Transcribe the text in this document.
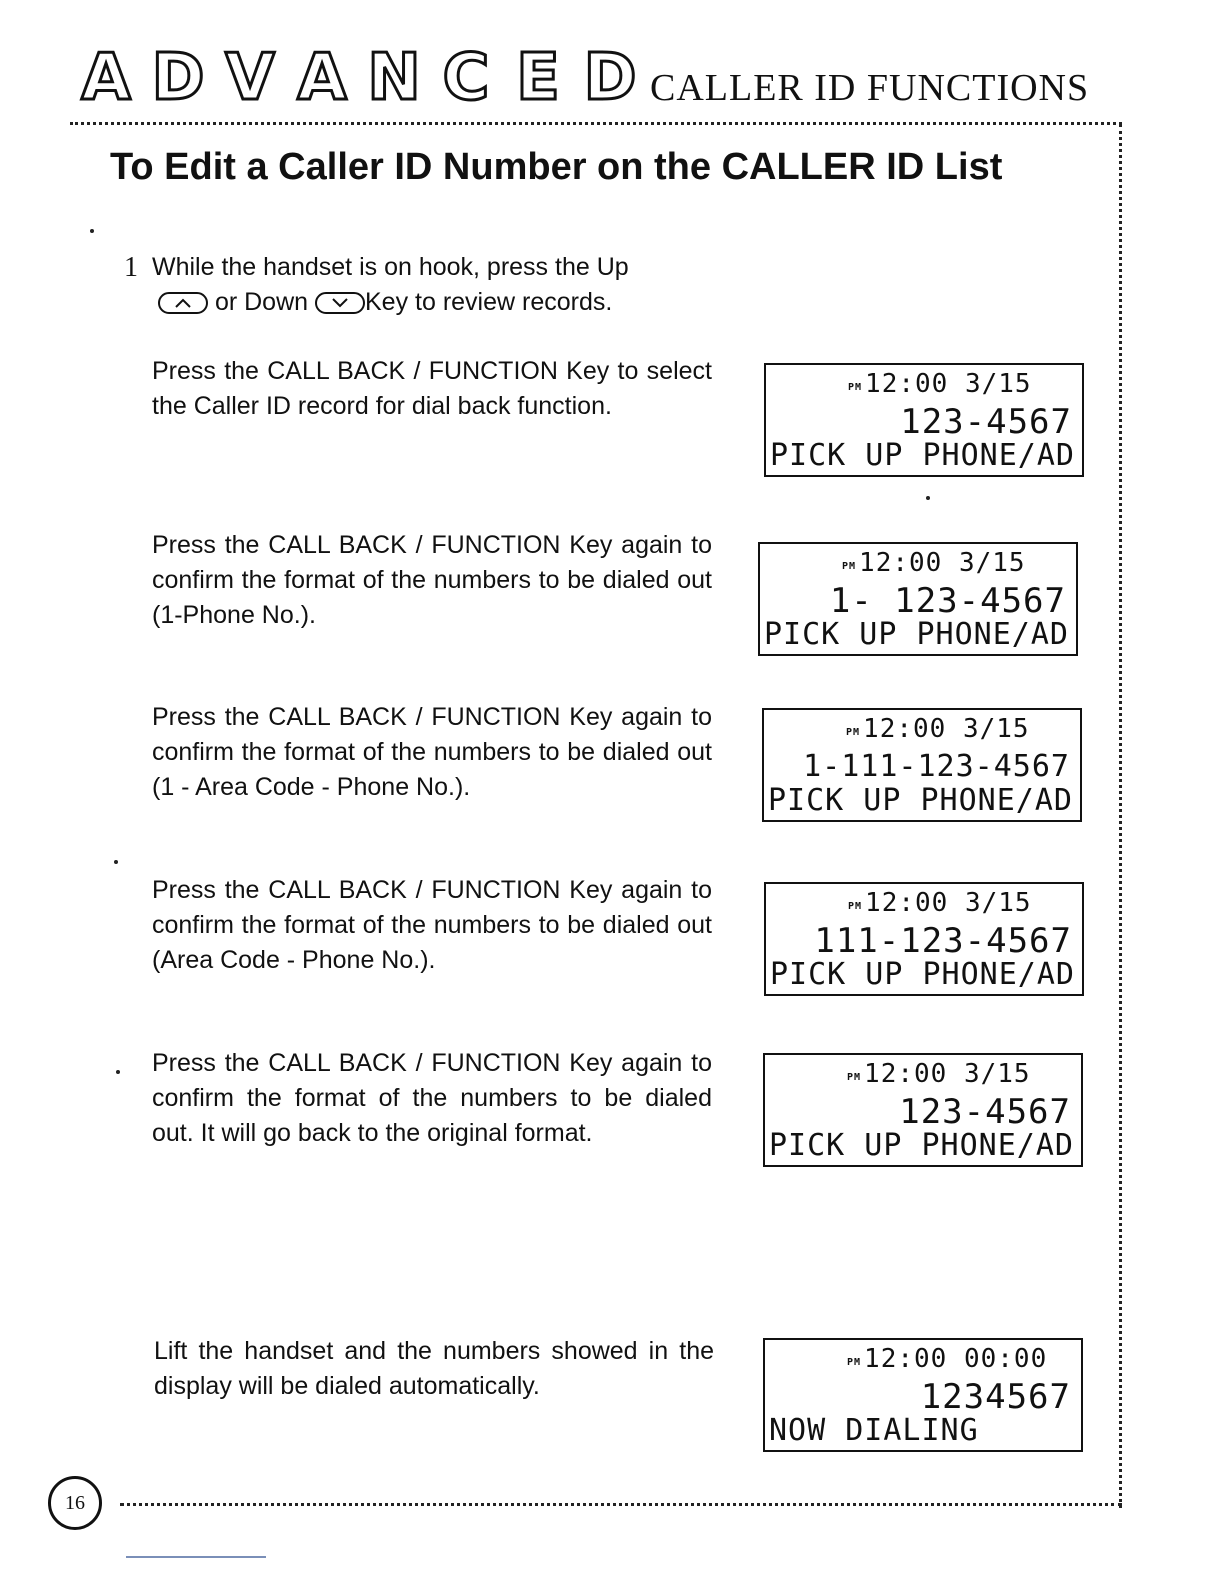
A D V A N C E D CALLER ID FUNCTIONS
To Edit a Caller ID Number on the CALLER ID List
1 While the handset is on hook, press the Up
or Down Key to review records.
Press the CALL BACK / FUNCTION Key to select the Caller ID record for dial back function.
Press the CALL BACK / FUNCTION Key again to confirm the format of the numbers to be dialed out (1-Phone No.).
Press the CALL BACK / FUNCTION Key again to confirm the format of the numbers to be dialed out (1 - Area Code - Phone No.).
Press the CALL BACK / FUNCTION Key again to confirm the format of the numbers to be dialed out (Area Code - Phone No.).
Press the CALL BACK / FUNCTION Key again to confirm the format of the numbers to be dialed out. It will go back to the original format.
Lift the handset and the numbers showed in the display will be dialed automatically.
PM 12:00 3/15
123-4567
PICK UP PHONE/AD
PM 12:00 3/15
1- 123-4567
PICK UP PHONE/AD
PM 12:00 3/15
1-111-123-4567
PICK UP PHONE/AD
PM 12:00 3/15
111-123-4567
PICK UP PHONE/AD
PM 12:00 3/15
123-4567
PICK UP PHONE/AD
PM 12:00 00:00
1234567
NOW DIALING
16
